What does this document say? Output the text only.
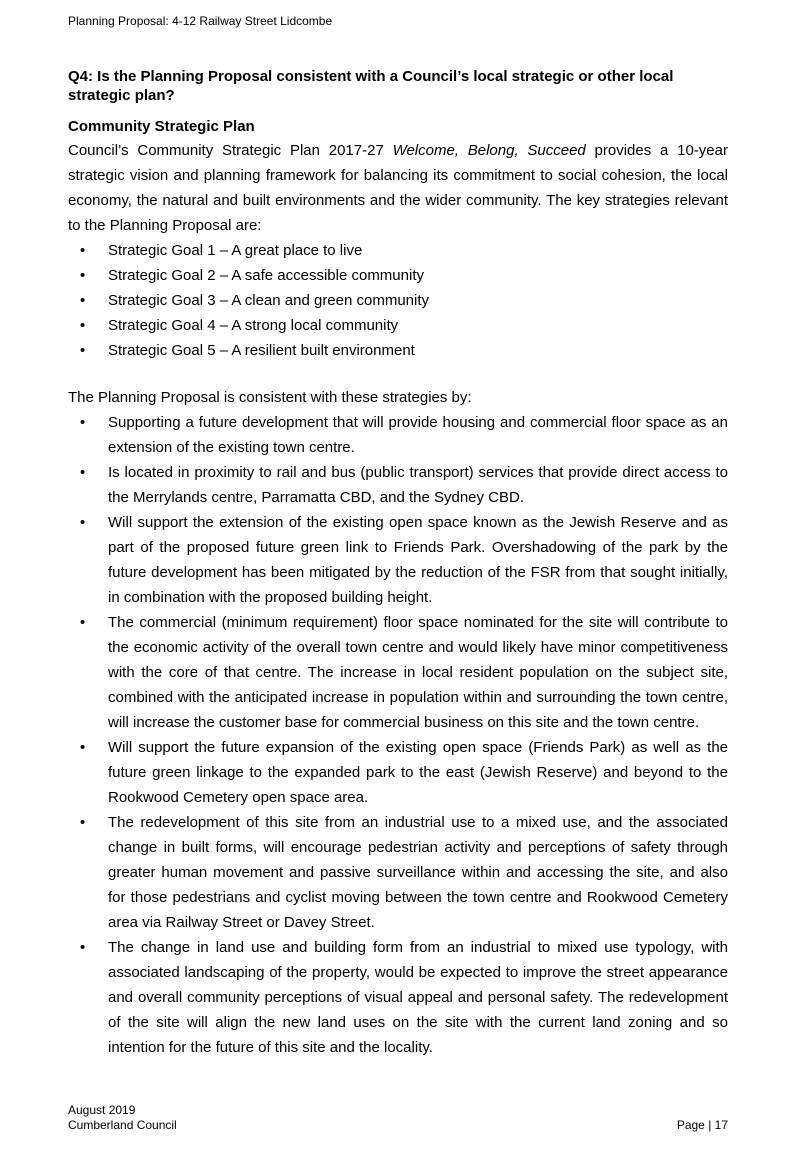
Planning Proposal: 4-12 Railway Street Lidcombe

Q4: Is the Planning Proposal consistent with a Council’s local strategic or other local strategic plan?

Community Strategic Plan

Council’s Community Strategic Plan 2017-27 Welcome, Belong, Succeed provides a 10-year strategic vision and planning framework for balancing its commitment to social cohesion, the local economy, the natural and built environments and the wider community. The key strategies relevant to the Planning Proposal are:

• Strategic Goal 1 – A great place to live
• Strategic Goal 2 – A safe accessible community
• Strategic Goal 3 – A clean and green community
• Strategic Goal 4 – A strong local community
• Strategic Goal 5 – A resilient built environment

The Planning Proposal is consistent with these strategies by:

• Supporting a future development that will provide housing and commercial floor space as an extension of the existing town centre.
• Is located in proximity to rail and bus (public transport) services that provide direct access to the Merrylands centre, Parramatta CBD, and the Sydney CBD.
• Will support the extension of the existing open space known as the Jewish Reserve and as part of the proposed future green link to Friends Park. Overshadowing of the park by the future development has been mitigated by the reduction of the FSR from that sought initially, in combination with the proposed building height.
• The commercial (minimum requirement) floor space nominated for the site will contribute to the economic activity of the overall town centre and would likely have minor competitiveness with the core of that centre. The increase in local resident population on the subject site, combined with the anticipated increase in population within and surrounding the town centre, will increase the customer base for commercial business on this site and the town centre.
• Will support the future expansion of the existing open space (Friends Park) as well as the future green linkage to the expanded park to the east (Jewish Reserve) and beyond to the Rookwood Cemetery open space area.
• The redevelopment of this site from an industrial use to a mixed use, and the associated change in built forms, will encourage pedestrian activity and perceptions of safety through greater human movement and passive surveillance within and accessing the site, and also for those pedestrians and cyclist moving between the town centre and Rookwood Cemetery area via Railway Street or Davey Street.
• The change in land use and building form from an industrial to mixed use typology, with associated landscaping of the property, would be expected to improve the street appearance and overall community perceptions of visual appeal and personal safety. The redevelopment of the site will align the new land uses on the site with the current land zoning and so intention for the future of this site and the locality.
August 2019
Cumberland Council	Page | 17
